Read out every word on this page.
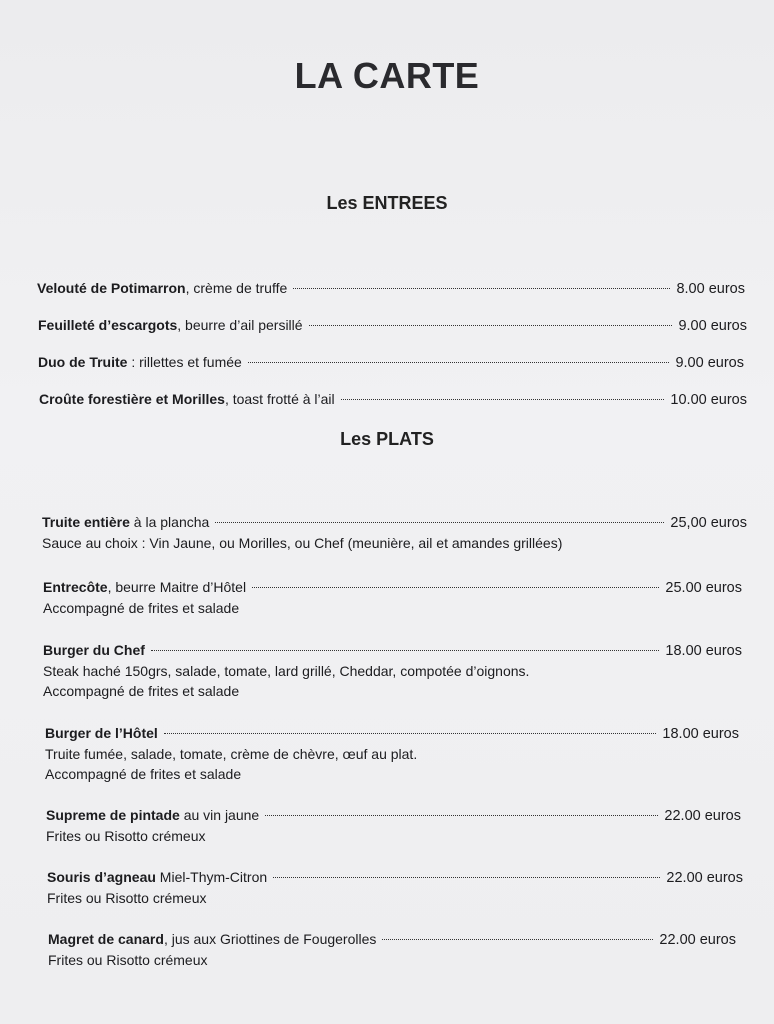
LA CARTE
Les ENTREES
Velouté de Potimarron , crème de truffe	8.00 euros
Feuilleté d’escargots , beurre d’ail persillé	9.00 euros
Duo de Truite : rillettes et fumée	9.00 euros
Croûte forestière et Morilles , toast frotté à l’ail	10.00 euros
Les PLATS
Truite entière à la plancha	25,00 euros
Sauce au choix : Vin Jaune, ou Morilles, ou Chef (meunière, ail et amandes grillées)
Entrecôte , beurre Maitre d’Hôtel	25.00 euros
Accompagné de frites et salade
Burger du Chef	18.00 euros
Steak haché 150grs, salade, tomate, lard grillé, Cheddar, compotée d’oignons.
Accompagné de frites et salade
Burger de l’Hôtel	18.00 euros
Truite fumée, salade, tomate, crème de chèvre, œuf au plat.
Accompagné de frites et salade
Supreme de pintade au vin jaune	22.00 euros
Frites ou Risotto crémeux
Souris d’agneau Miel-Thym-Citron	22.00 euros
Frites ou Risotto crémeux
Magret de canard , jus aux Griottines de Fougerolles	22.00 euros
Frites ou Risotto crémeux
